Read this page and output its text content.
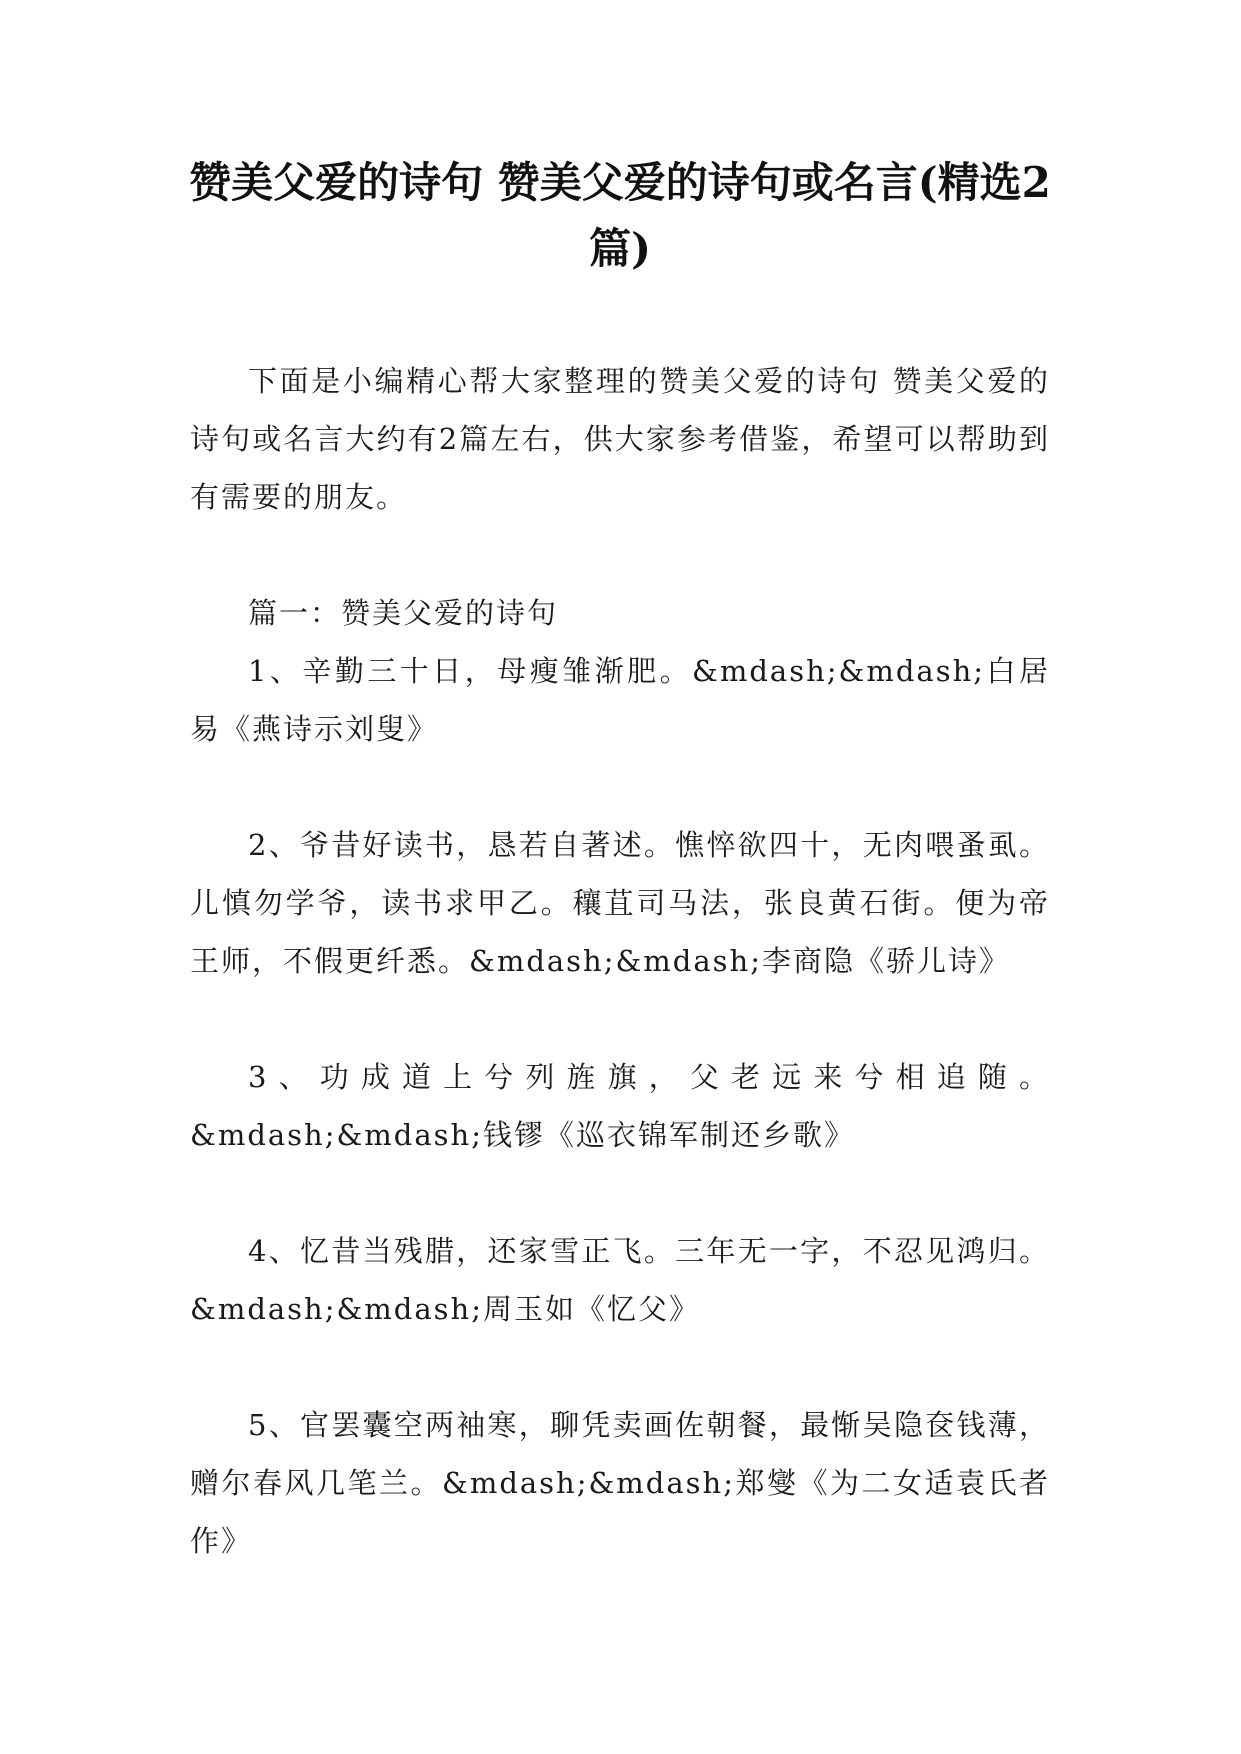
赞美父爱的诗句 赞美父爱的诗句或名言(精选2篇)

下面是小编精心帮大家整理的赞美父爱的诗句 赞美父爱的诗句或名言大约有2篇左右，供大家参考借鉴，希望可以帮助到有需要的朋友。

篇一：赞美父爱的诗句

1、辛勤三十日，母瘦雏渐肥。&mdash;&mdash;白居易《燕诗示刘叟》

2、爷昔好读书，恳若自著述。憔悴欲四十，无肉喂蚤虱。儿慎勿学爷，读书求甲乙。穰苴司马法，张良黄石街。便为帝王师，不假更纤悉。&mdash;&mdash;李商隐《骄儿诗》

3、功成道上兮列旌旗，父老远来兮相追随。&mdash;&mdash;钱镠《巡衣锦军制还乡歌》

4、忆昔当残腊，还家雪正飞。三年无一字，不忍见鸿归。&mdash;&mdash;周玉如《忆父》

5、官罢囊空两袖寒，聊凭卖画佐朝餐，最惭吴隐奁钱薄，赠尔春风几笔兰。&mdash;&mdash;郑燮《为二女适袁氏者作》
